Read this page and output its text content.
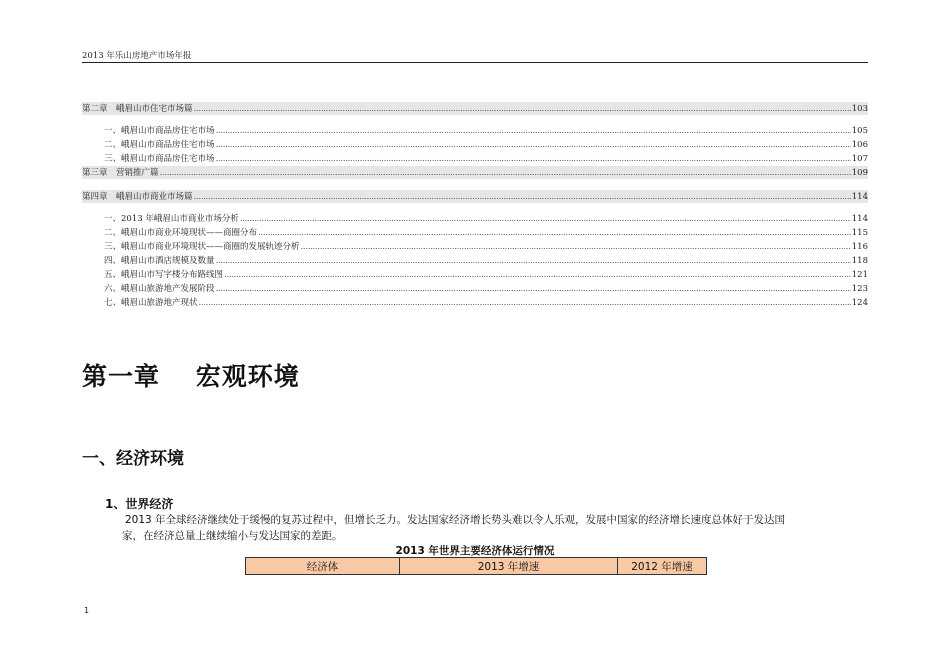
2013 年乐山房地产市场年报
第二章　峨眉山市住宅市场篇 .....	103
一、峨眉山市商品房住宅市场 .....	105
二、峨眉山市商品房住宅市场 .....	106
三、峨眉山市商品房住宅市场 .....	107
第三章　营销推广篇 .....	109
第四章　峨眉山市商业市场篇 .....	114
一、2013 年峨眉山市商业市场分析 .....	114
二、峨眉山市商业环境现状——商圈分布 .....	115
三、峨眉山市商业环境现状——商圈的发展轨迹分析 .....	116
四、峨眉山市酒店规模及数量 .....	118
五、峨眉山市写字楼分布路线图 .....	121
六、峨眉山旅游地产发展阶段 .....	123
七、峨眉山旅游地产现状 .....	124
第一章　 宏观环境
一、经济环境
1、世界经济
2013 年全球经济继续处于缓慢的复苏过程中，但增长乏力。发达国家经济增长势头难以令人乐观，发展中国家的经济增长速度总体好于发达国
家，在经济总量上继续缩小与发达国家的差距。
2013 年世界主要经济体运行情况
经济体	2013 年增速	2012 年增速
1
